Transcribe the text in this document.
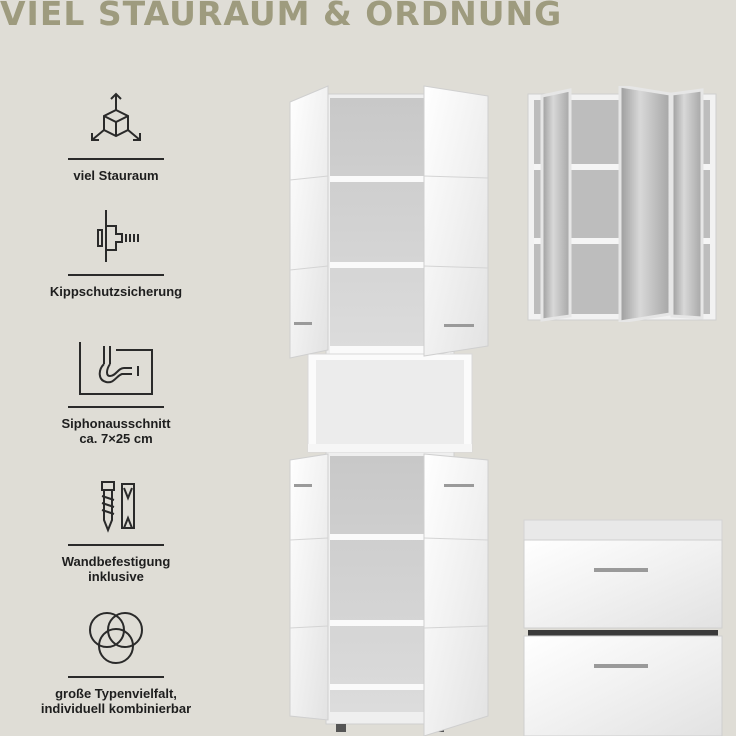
VIEL STAURAUM & ORDNUNG
viel Stauraum
Kippschutzsicherung
Siphonausschnitt
ca. 7×25 cm
Wandbefestigung
inklusive
große Typenvielfalt,
individuell kombinierbar
